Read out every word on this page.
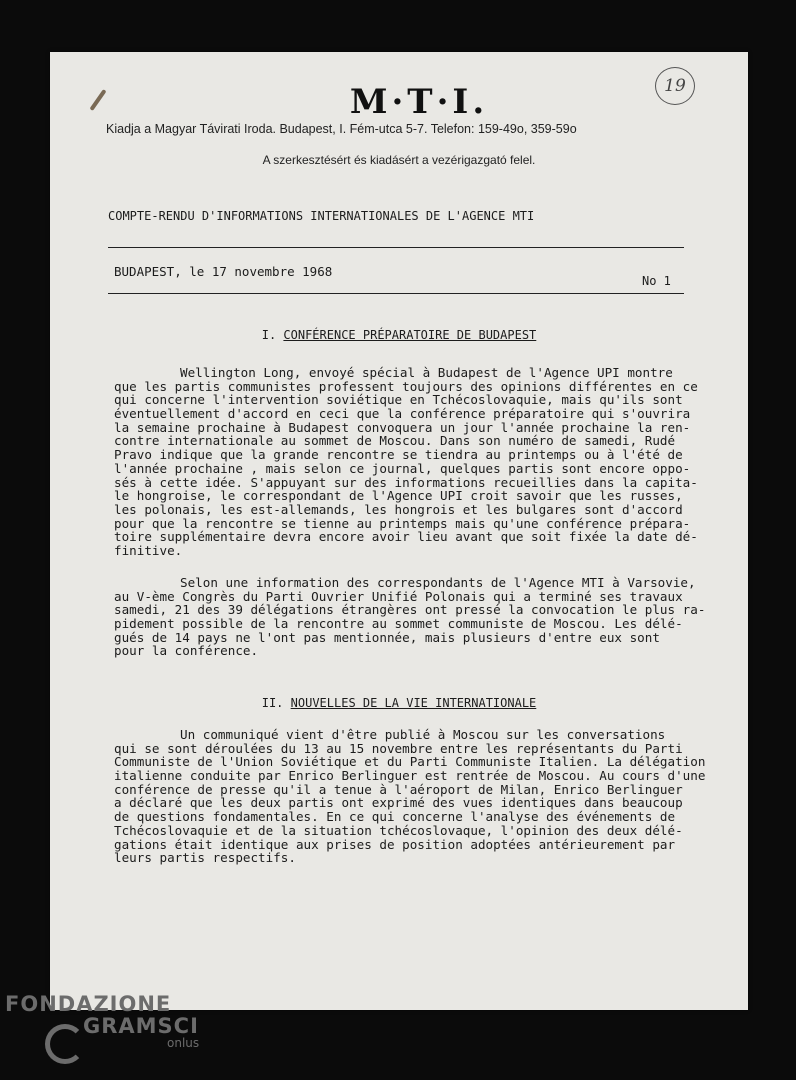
19
M·T·I.
Kiadja a Magyar Távirati Iroda. Budapest, I. Fém-utca 5-7. Telefon: 159-49o, 359-59o
A szerkesztésért és kiadásért a vezérigazgató felel.
COMPTE-RENDU D'INFORMATIONS INTERNATIONALES DE L'AGENCE MTI
BUDAPEST, le 17 novembre 1968
No 1
I. CONFÉRENCE PRÉPARATOIRE DE BUDAPEST
Wellington Long, envoyé spécial à Budapest de l'Agence UPI montre
que les partis communistes professent toujours des opinions différentes en ce
qui concerne l'intervention soviétique en Tchécoslovaquie, mais qu'ils sont
éventuellement d'accord en ceci que la conférence préparatoire qui s'ouvrira
la semaine prochaine à Budapest convoquera un jour l'année prochaine la ren-
contre internationale au sommet de Moscou. Dans son numéro de samedi, Rudé
Pravo indique que la grande rencontre se tiendra au printemps ou à l'été de
l'année prochaine , mais selon ce journal, quelques partis sont encore oppo-
sés à cette idée. S'appuyant sur des informations recueillies dans la capita-
le hongroise, le correspondant de l'Agence UPI croit savoir que les russes,
les polonais, les est-allemands, les hongrois et les bulgares sont d'accord
pour que la rencontre se tienne au printemps mais qu'une conférence prépara-
toire supplémentaire devra encore avoir lieu avant que soit fixée la date dé-
finitive.
Selon une information des correspondants de l'Agence MTI à Varsovie,
au V-ème Congrès du Parti Ouvrier Unifié Polonais qui a terminé ses travaux
samedi, 21 des 39 délégations étrangères ont pressé la convocation le plus ra-
pidement possible de la rencontre au sommet communiste de Moscou. Les délé-
gués de 14 pays ne l'ont pas mentionnée, mais plusieurs d'entre eux sont
pour la conférence.
II. NOUVELLES DE LA VIE INTERNATIONALE
Un communiqué vient d'être publié à Moscou sur les conversations
qui se sont déroulées du 13 au 15 novembre entre les représentants du Parti
Communiste de l'Union Soviétique et du Parti Communiste Italien. La délégation
italienne conduite par Enrico Berlinguer est rentrée de Moscou. Au cours d'une
conférence de presse qu'il a tenue à l'aéroport de Milan, Enrico Berlinguer
a déclaré que les deux partis ont exprimé des vues identiques dans beaucoup
de questions fondamentales. En ce qui concerne l'analyse des événements de
Tchécoslovaquie et de la situation tchécoslovaque, l'opinion des deux délé-
gations était identique aux prises de position adoptées antérieurement par
leurs partis respectifs.
FONDAZIONE
GRAMSCI
onlus
